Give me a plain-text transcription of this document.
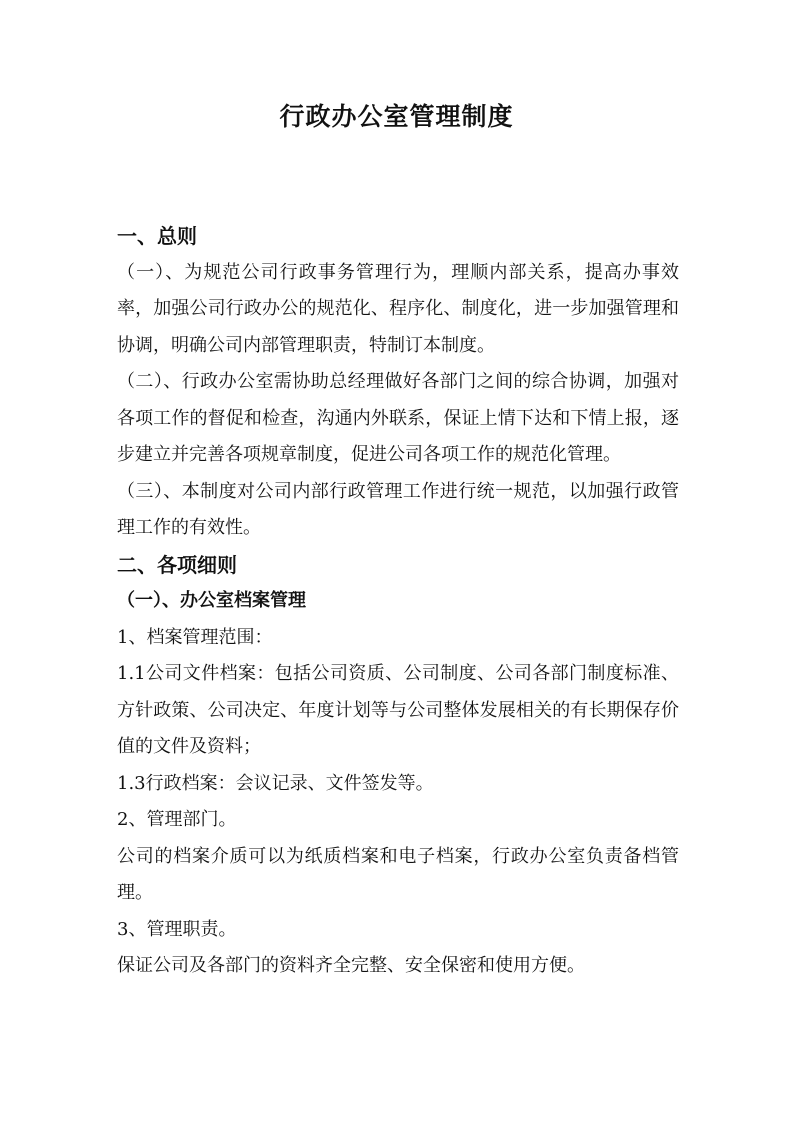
行政办公室管理制度

一、总则

（一）、为规范公司行政事务管理行为，理顺内部关系，提高办事效率，加强公司行政办公的规范化、程序化、制度化，进一步加强管理和协调，明确公司内部管理职责，特制订本制度。

（二）、行政办公室需协助总经理做好各部门之间的综合协调，加强对各项工作的督促和检查，沟通内外联系，保证上情下达和下情上报，逐步建立并完善各项规章制度，促进公司各项工作的规范化管理。

（三）、本制度对公司内部行政管理工作进行统一规范，以加强行政管理工作的有效性。

二、各项细则

（一）、办公室档案管理

1、档案管理范围：

1.1公司文件档案：包括公司资质、公司制度、公司各部门制度标准、方针政策、公司决定、年度计划等与公司整体发展相关的有长期保存价值的文件及资料；

1.3行政档案：会议记录、文件签发等。

2、管理部门。

公司的档案介质可以为纸质档案和电子档案，行政办公室负责备档管理。

3、管理职责。

保证公司及各部门的资料齐全完整、安全保密和使用方便。
